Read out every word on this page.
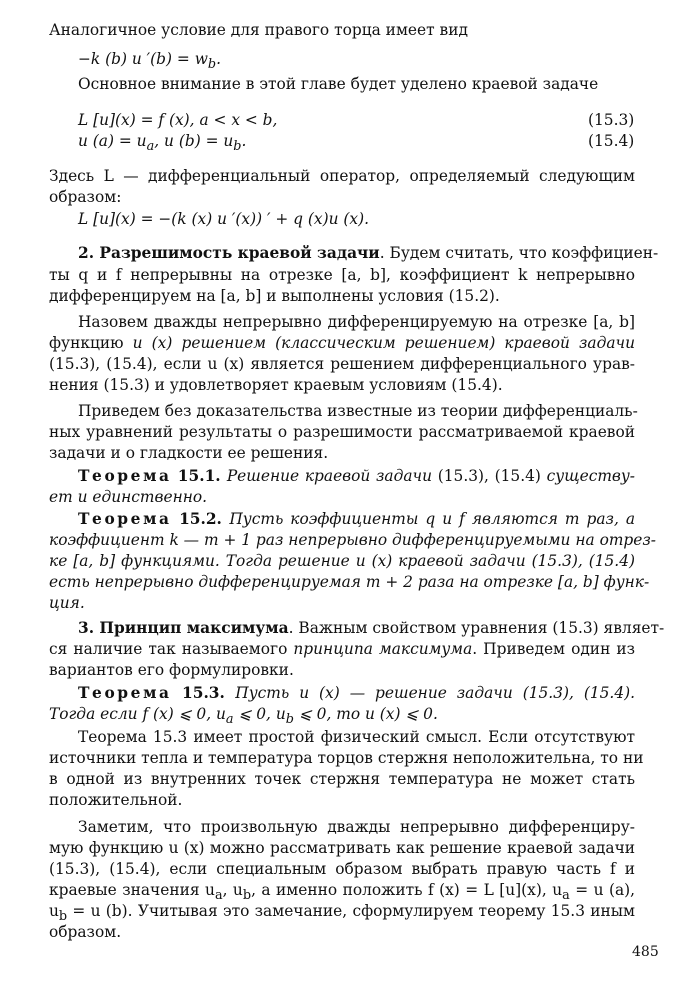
Аналогичное условие для правого торца имеет вид
−k (b) u $'(b) = w_b$.
Основное внимание в этой главе будет уделено краевой задаче
L [u](x) = f (x), a < x < b,	(15.3)
u $(a) = u_a$, u $(b) = u_b$.	(15.4)
Здесь L — дифференциальный оператор, определяемый следующим
образом:
L [u](x) = −(k (x) u ′(x)) ′ + q (x)u (x).
2. Разрешимость краевой задачи. Будем считать, что коэффициен-
ты q и f непрерывны на отрезке [a, b], коэффициент k непрерывно
дифференцируем на [a, b] и выполнены условия (15.2).
Назовем дважды непрерывно дифференцируемую на отрезке [a, b]
функцию u (x) решением (классическим решением) краевой задачи
(15.3), (15.4), если u (x) является решением дифференциального урав-
нения (15.3) и удовлетворяет краевым условиям (15.4).
Приведем без доказательства известные из теории дифференциаль-
ных уравнений результаты о разрешимости рассматриваемой краевой
задачи и о гладкости ее решения.
Теорема 15.1. Решение краевой задачи (15.3), (15.4) существу-
ет и единственно.
Теорема 15.2. Пусть коэффициенты q и f являются m раз, а
коэффициент k — m + 1 раз непрерывно дифференцируемыми на отрез-
ке [a, b] функциями. Тогда решение u (x) краевой задачи (15.3), (15.4)
есть непрерывно дифференцируемая m + 2 раза на отрезке [a, b] функ-
ция.
3. Принцип максимума. Важным свойством уравнения (15.3) являет-
ся наличие так называемого принципа максимума. Приведем один из
вариантов его формулировки.
Теорема 15.3. Пусть u (x) — решение задачи (15.3), (15.4).
Тогда если f (x) ⩽ 0, $u_a$ ⩽ 0, $u_b$ ⩽ 0, то u (x) ⩽ 0.
Теорема 15.3 имеет простой физический смысл. Если отсутствуют
источники тепла и температура торцов стержня неположительна, то ни
в одной из внутренних точек стержня температура не может стать
положительной.
Заметим, что произвольную дважды непрерывно дифференциру-
мую функцию u (x) можно рассматривать как решение краевой задачи
(15.3), (15.4), если специальным образом выбрать правую часть f и
краевые значения $u_a$, $u_b$, а именно положить f (x) = L [u](x), $u_a = u$ (a),
$u_b = u$ (b). Учитывая это замечание, сформулируем теорему 15.3 иным
образом.
485
